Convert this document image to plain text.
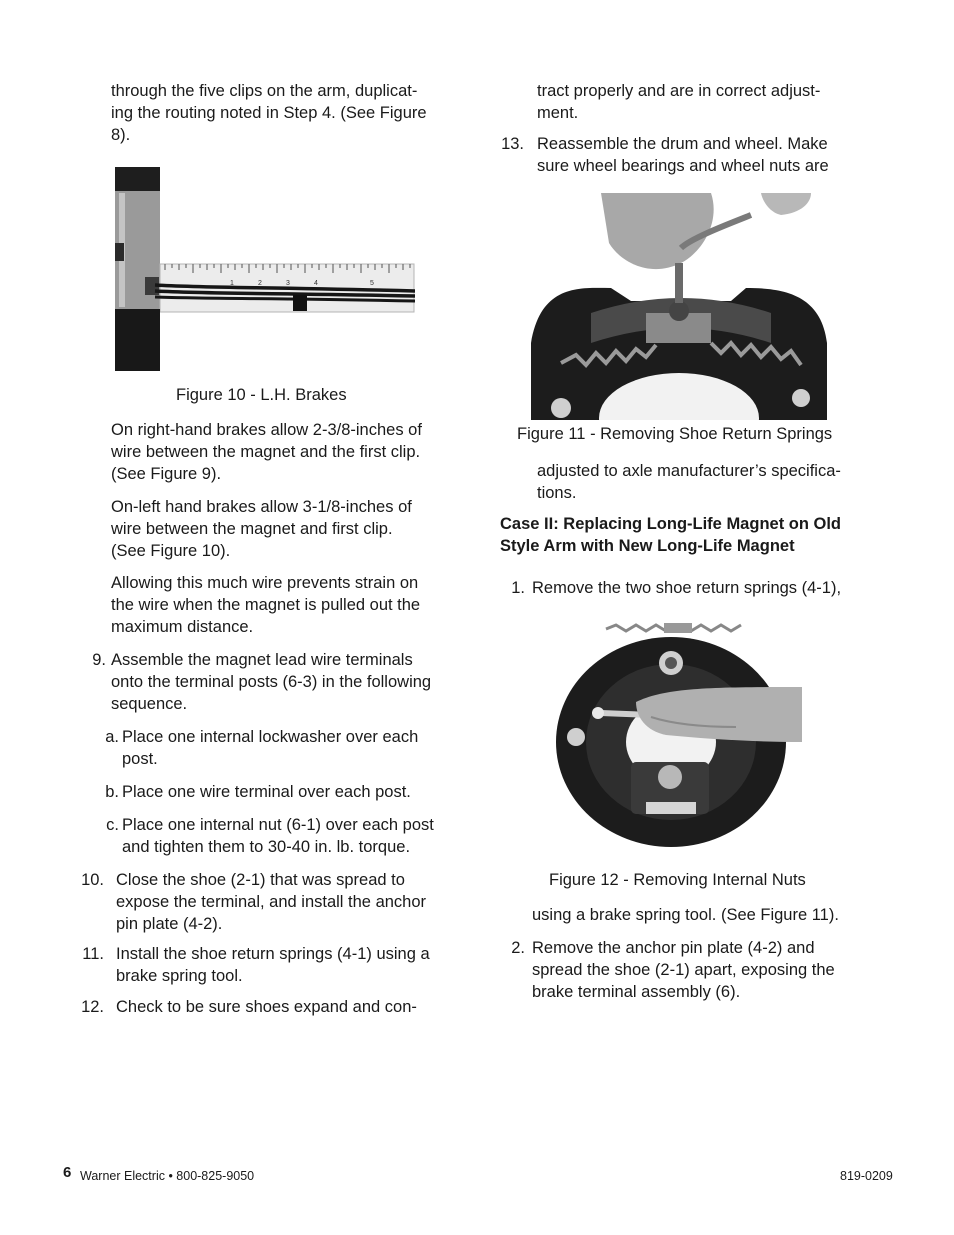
through the five clips on the arm, duplicat-
ing the routing noted in Step 4. (See Figure
8).

1	2	3	4	5

Figure 10 - L.H. Brakes

On right-hand brakes allow 2-3/8-inches of
wire between the magnet and the first clip.
(See Figure 9).

On-left hand brakes allow 3-1/8-inches of
wire between the magnet and first clip.
(See Figure 10).

Allowing this much wire prevents strain on
the wire when the magnet is pulled out the
maximum distance.

9. Assemble the magnet lead wire terminals
onto the terminal posts (6-3) in the following
sequence.

a. Place one internal lockwasher over each
post.

b. Place one wire terminal over each post.

c. Place one internal nut (6-1) over each post
and tighten them to 30-40 in. lb. torque.

10. Close the shoe (2-1) that was spread to
expose the terminal, and install the anchor
pin plate (4-2).

11. Install the shoe return springs (4-1) using a
brake spring tool.

12. Check to be sure shoes expand and con-

tract properly and are in correct adjust-
ment.

13. Reassemble the drum and wheel. Make
sure wheel bearings and wheel nuts are

Figure 11 - Removing Shoe Return Springs

adjusted to axle manufacturer’s specifica-
tions.

Case II: Replacing Long-Life Magnet on Old
Style Arm with New Long-Life Magnet

1. Remove the two shoe return springs (4-1),

Figure 12 - Removing Internal Nuts

using a brake spring tool. (See Figure 11).

2. Remove the anchor pin plate (4-2) and
spread the shoe (2-1) apart, exposing the
brake terminal assembly (6).

6 Warner Electric • 800-825-9050	819-0209
